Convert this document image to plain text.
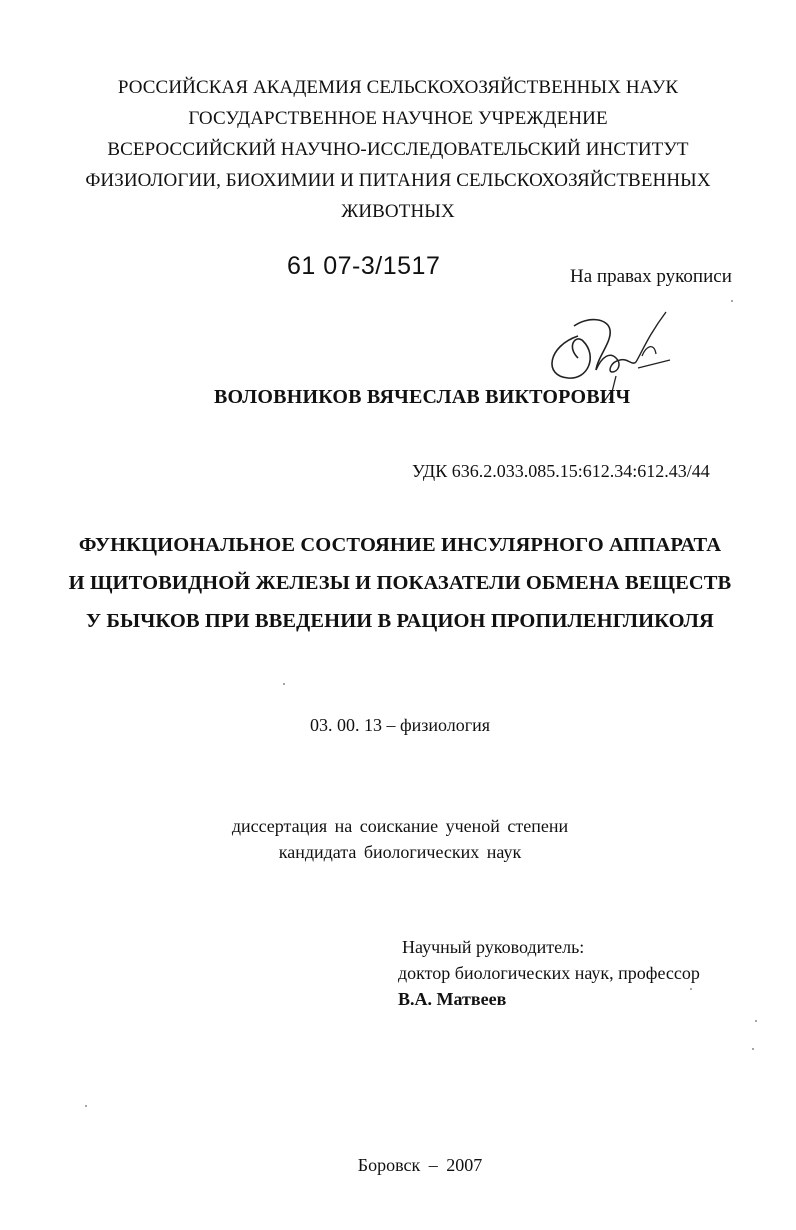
РОССИЙСКАЯ АКАДЕМИЯ СЕЛЬСКОХОЗЯЙСТВЕННЫХ НАУК
ГОСУДАРСТВЕННОЕ НАУЧНОЕ УЧРЕЖДЕНИЕ
ВСЕРОССИЙСКИЙ НАУЧНО-ИССЛЕДОВАТЕЛЬСКИЙ ИНСТИТУТ
ФИЗИОЛОГИИ, БИОХИМИИ И ПИТАНИЯ СЕЛЬСКОХОЗЯЙСТВЕННЫХ
ЖИВОТНЫХ
61 07-3/1517	На правах рукописи
ВОЛОВНИКОВ ВЯЧЕСЛАВ ВИКТОРОВИЧ
УДК 636.2.033.085.15:612.34:612.43/44
ФУНКЦИОНАЛЬНОЕ СОСТОЯНИЕ ИНСУЛЯРНОГО АППАРАТА
И ЩИТОВИДНОЙ ЖЕЛЕЗЫ И ПОКАЗАТЕЛИ ОБМЕНА ВЕЩЕСТВ
У БЫЧКОВ ПРИ ВВЕДЕНИИ В РАЦИОН ПРОПИЛЕНГЛИКОЛЯ
03. 00. 13 – физиология
диссертация на соискание ученой степени
кандидата биологических наук
Научный руководитель:
доктор биологических наук, профессор
В.А. Матвеев
Боровск – 2007
